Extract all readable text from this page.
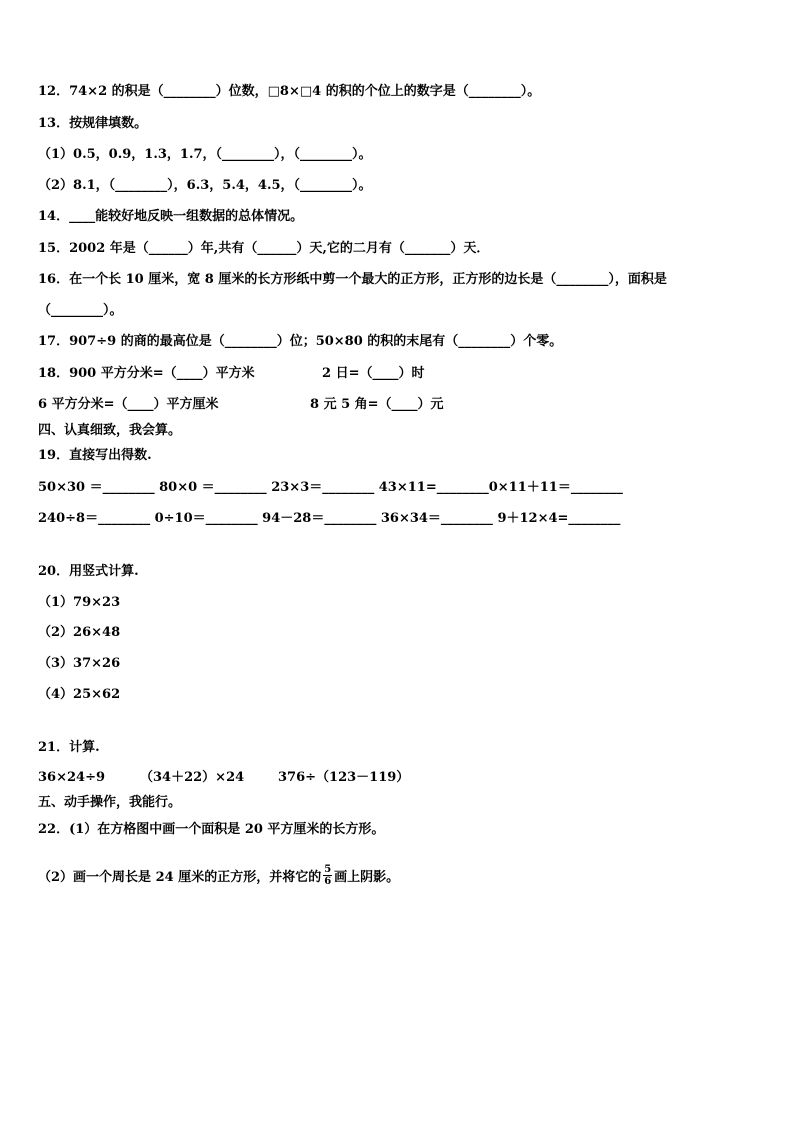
12．74×2 的积是（________）位数，□8×□4 的积的个位上的数字是（________）。
13．按规律填数。
（1）0.5，0.9，1.3，1.7，（________），（________）。
（2）8.1，（________），6.3，5.4，4.5，（________）。
14．____能较好地反映一组数据的总体情况。
15．2002 年是（______）年,共有（______）天,它的二月有（_______）天．
16．在一个长 10 厘米，宽 8 厘米的长方形纸中剪一个最大的正方形，正方形的边长是（________），面积是
（________）。
17．907÷9 的商的最高位是（________）位；50×80 的积的末尾有（________）个零。
18．900 平方分米=（____）平方米	2 日=（____）时
6 平方分米=（____）平方厘米	8 元 5 角=（____）元
四、认真细致，我会算。
19．直接写出得数.
50×30 ＝________ 80×0 ＝________ 23×3＝________ 43×11=________0×11＋11＝________
240÷8＝________ 0÷10＝________ 94－28＝________ 36×34＝________ 9＋12×4=________
20．用竖式计算.
（1）79×23
（2）26×48
（3）37×26
（4）25×62
21．计算.
36×24÷9	（34＋22）×24	376÷（123－119）
五、动手操作，我能行。
22．(1）在方格图中画一个面积是 20 平方厘米的长方形。
（2）画一个周长是 24 厘米的正方形，并将它的 $\frac{5}{6}$ 画上阴影。
